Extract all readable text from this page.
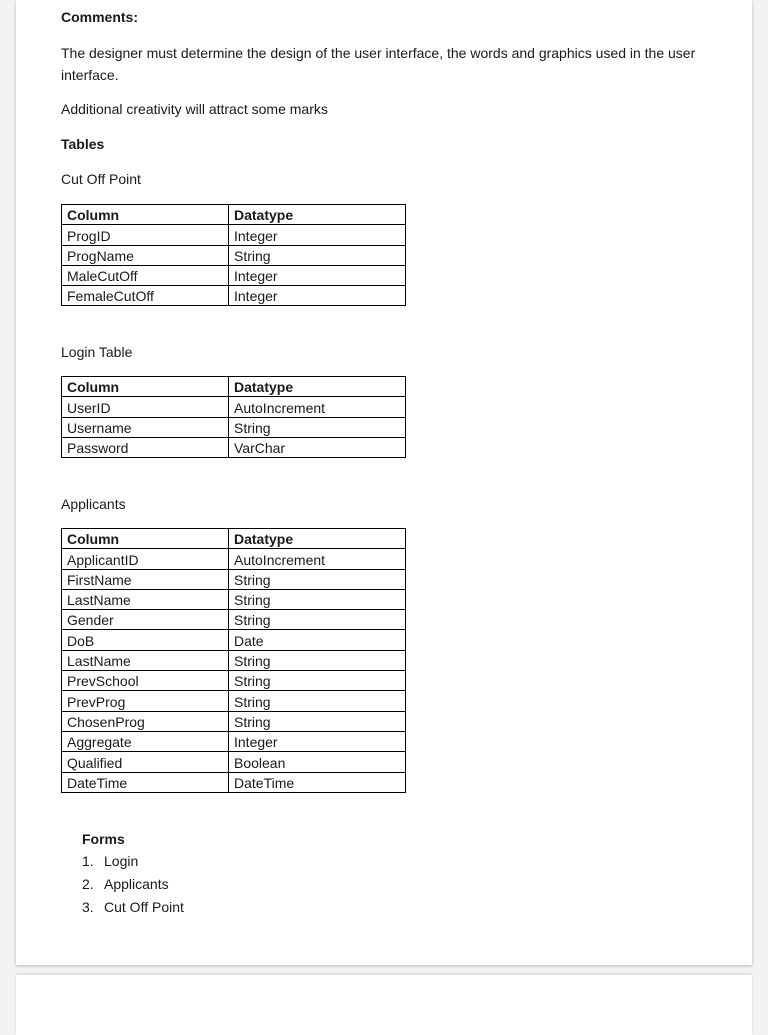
Comments:
The designer must determine the design of the user interface, the words and graphics used in the user interface.
Additional creativity will attract some marks
Tables
Cut Off Point
Column	Datatype
ProgID	Integer
ProgName	String
MaleCutOff	Integer
FemaleCutOff	Integer
Login Table
Column	Datatype
UserID	AutoIncrement
Username	String
Password	VarChar
Applicants
Column	Datatype
ApplicantID	AutoIncrement
FirstName	String
LastName	String
Gender	String
DoB	Date
LastName	String
PrevSchool	String
PrevProg	String
ChosenProg	String
Aggregate	Integer
Qualified	Boolean
DateTime	DateTime
Forms
1. Login
2. Applicants
3. Cut Off Point
